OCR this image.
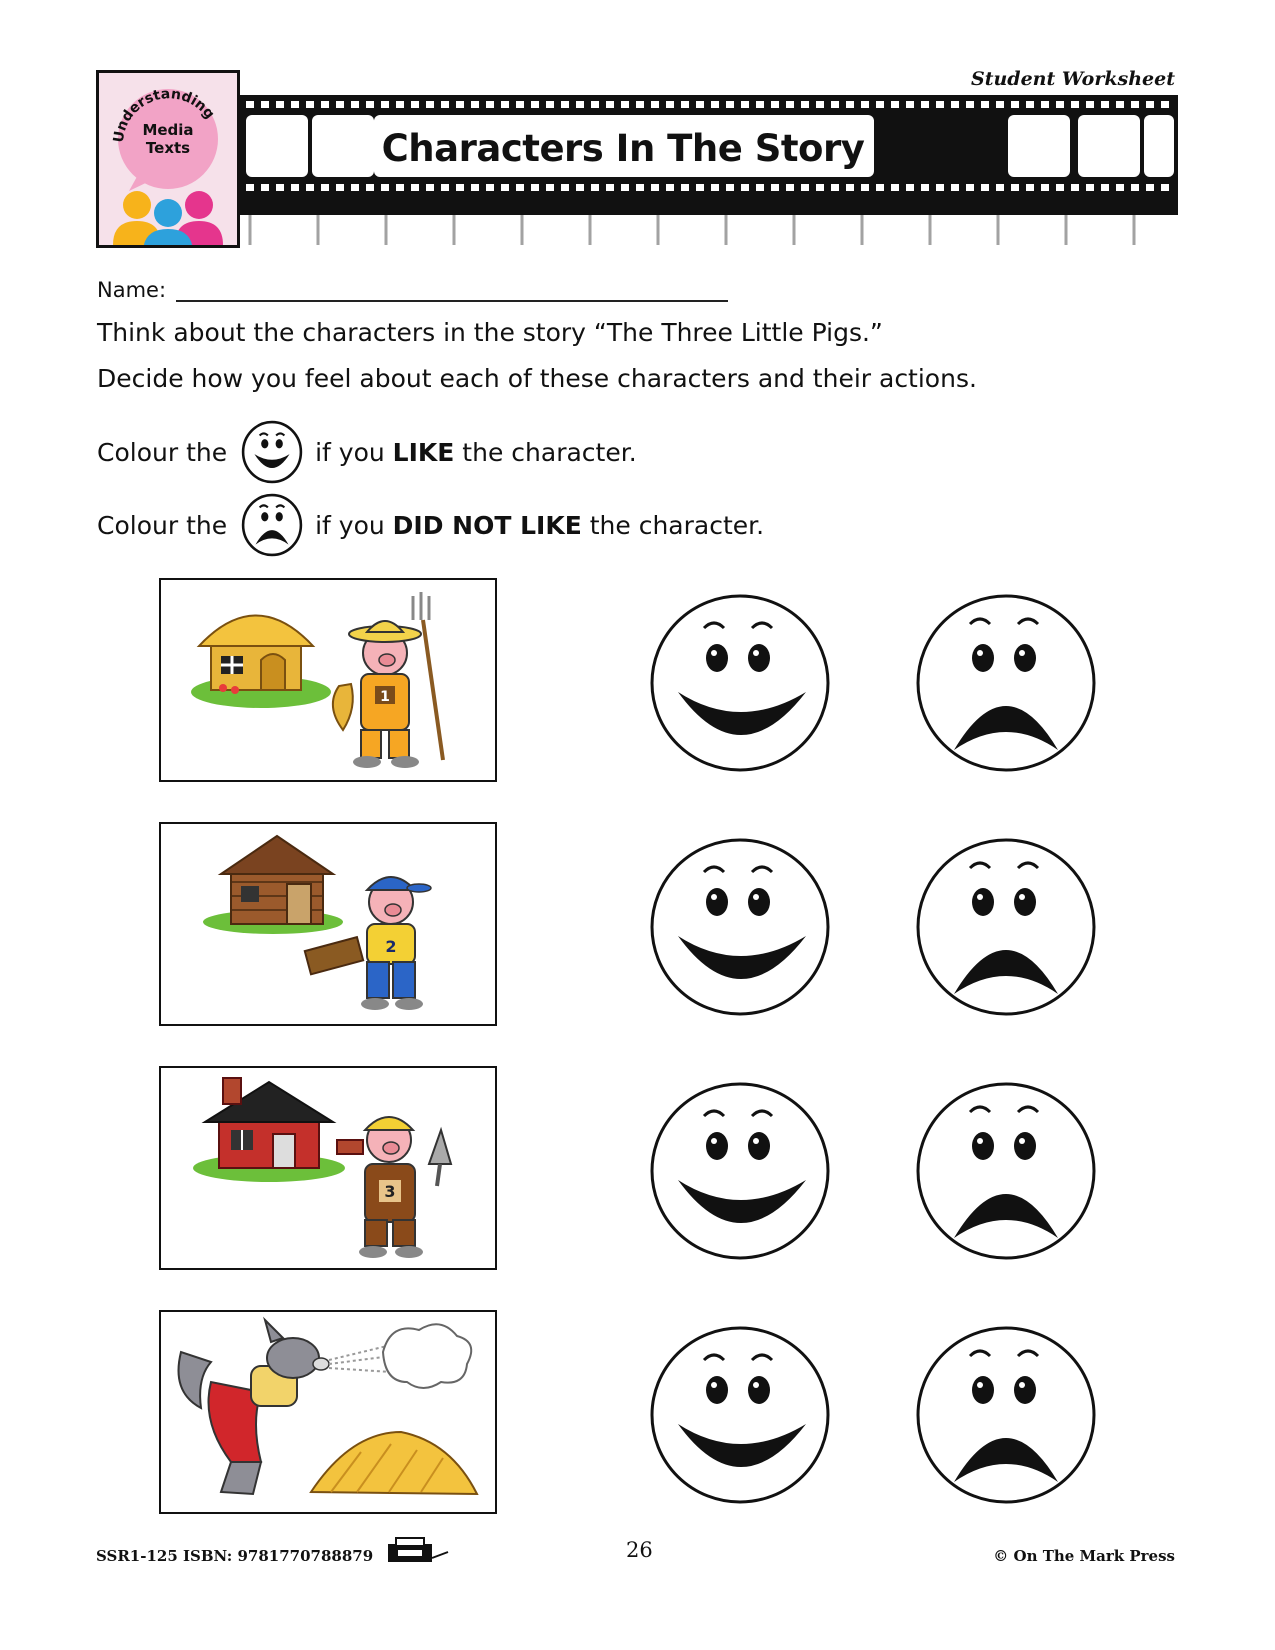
Understanding
Media
Texts
Student Worksheet
Characters In The Story
Name:
Think about the characters in the story “The Three Little Pigs.”
Decide how you feel about each of these characters and their actions.
Colour the	if you LIKE the character.
Colour the	if you DID NOT LIKE the character.
1
2
3
SSR1-125 ISBN: 9781770788879	26	© On The Mark Press
